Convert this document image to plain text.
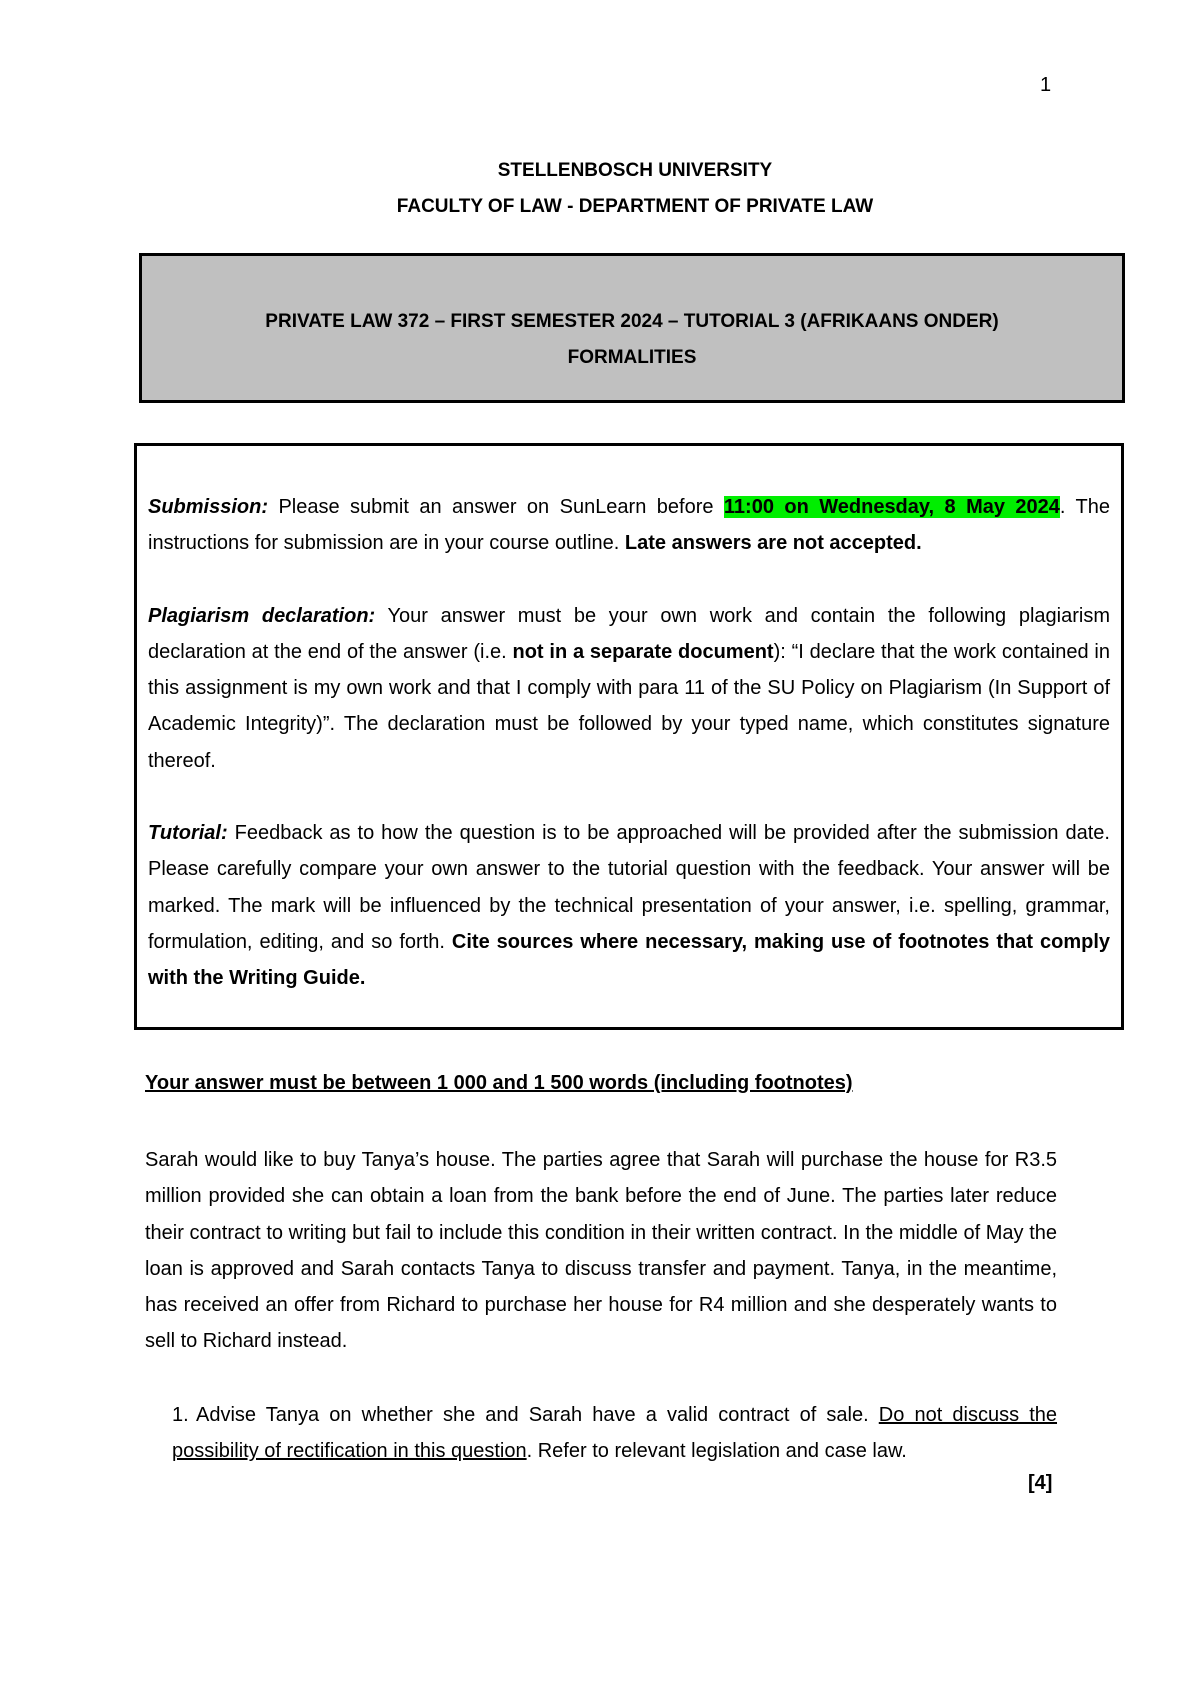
1
STELLENBOSCH UNIVERSITY
FACULTY OF LAW - DEPARTMENT OF PRIVATE LAW
PRIVATE LAW 372 – FIRST SEMESTER 2024 – TUTORIAL 3 (AFRIKAANS ONDER)
FORMALITIES

Submission: Please submit an answer on SunLearn before 11:00 on Wednesday, 8 May 2024. The instructions for submission are in your course outline. Late answers are not accepted.

Plagiarism declaration: Your answer must be your own work and contain the following plagiarism declaration at the end of the answer (i.e. not in a separate document): “I declare that the work contained in this assignment is my own work and that I comply with para 11 of the SU Policy on Plagiarism (In Support of Academic Integrity)”. The declaration must be followed by your typed name, which constitutes signature thereof.

Tutorial: Feedback as to how the question is to be approached will be provided after the submission date. Please carefully compare your own answer to the tutorial question with the feedback. Your answer will be marked. The mark will be influenced by the technical presentation of your answer, i.e. spelling, grammar, formulation, editing, and so forth. Cite sources where necessary, making use of footnotes that comply with the Writing Guide.

Your answer must be between 1 000 and 1 500 words (including footnotes)

Sarah would like to buy Tanya’s house. The parties agree that Sarah will purchase the house for R3.5 million provided she can obtain a loan from the bank before the end of June. The parties later reduce their contract to writing but fail to include this condition in their written contract. In the middle of May the loan is approved and Sarah contacts Tanya to discuss transfer and payment. Tanya, in the meantime, has received an offer from Richard to purchase her house for R4 million and she desperately wants to sell to Richard instead.

1. Advise Tanya on whether she and Sarah have a valid contract of sale. Do not discuss the possibility of rectification in this question. Refer to relevant legislation and case law.

[4]
